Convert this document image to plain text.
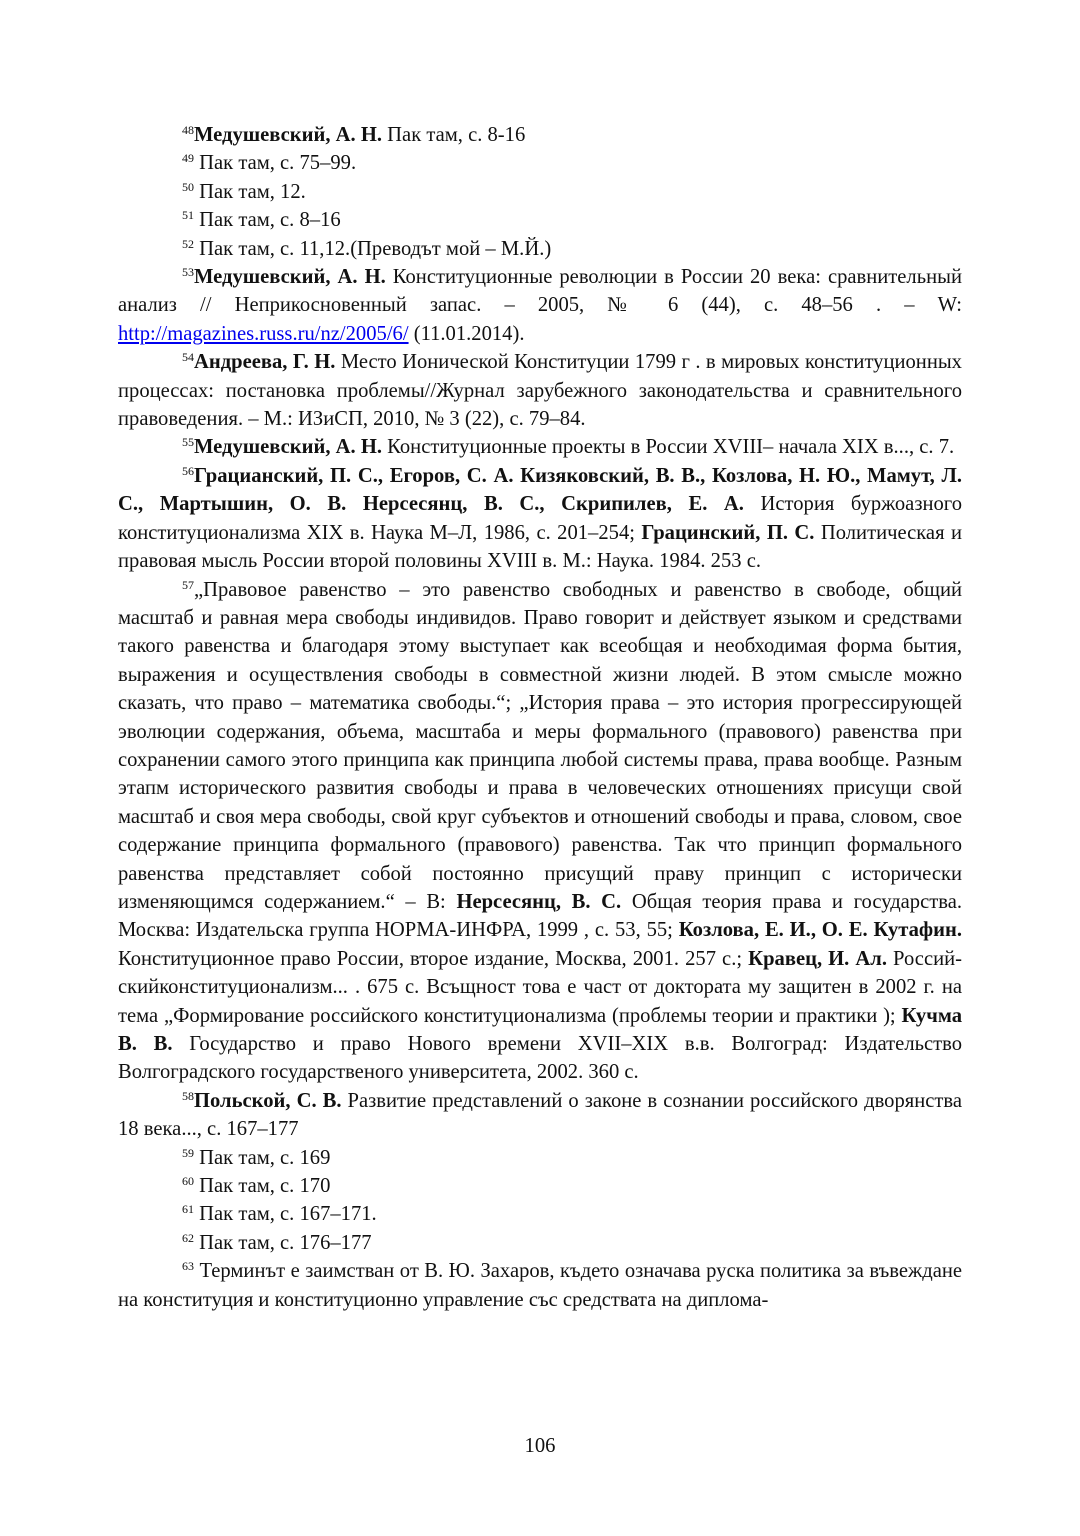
$^{48}$Медушевский, А. Н. Пак там, с. 8-16

$^{49}$ Пак там, с. 75–99.

$^{50}$ Пак там, 12.

$^{51}$ Пак там, с. 8–16

$^{52}$ Пак там, с. 11,12.(Преводът мой – М.Й.)

$^{53}$Медушевский, А. Н. Конституционные революции в России 20 века: сравнительный анализ // Неприкосновенный запас. – 2005, № 6 (44), с. 48–56 . – W: http://magazines.russ.ru/nz/2005/6/ (11.01.2014).

$^{54}$Андреева, Г. Н. Место Ионической Конституции 1799 г . в мировых конституционных процессах: постановка проблемы//Журнал зарубежного законодательства и сравнительного правоведения. – М.: ИЗиСП, 2010, № 3 (22), с. 79–84.

$^{55}$Медушевский, А. Н. Конституционные проекты в России XVIII– начала XIX в..., с. 7.

$^{56}$Грацианский, П. С., Егоров, С. А. Кизяковский, В. В., Козлова, Н. Ю., Мамут, Л. С., Мартышин, О. В. Нерсесянц, В. С., Скрипилев, Е. А. История буржоазного конституционализма XIX в. Наука М–Л, 1986, с. 201–254; Грацинский, П. С. Политическая и правовая мысль России второй половины XVIII в. М.: Наука. 1984. 253 с.

$^{57}$„Правовое равенство – это равенство свободных и равенство в свободе, общий масштаб и равная мера свободы индивидов. Право говорит и действует языком и средствами такого равенства и благодаря этому выступает как всеобщая и необходимая форма бытия, выражения и осуществления свободы в совместной жизни людей. В этом смысле можно сказать, что право – математика свободы.“; „История права – это история прогрессирующей эволюции содержания, объема, масштаба и меры формального (правового) равенства при сохранении самого этого принципа как принципа любой системы права, права вообще. Разным этапм исторического развития свободы и права в человеческих отношениях присущи свой масштаб и своя мера свободы, свой круг субъектов и отношений свободы и права, словом, свое содержание принципа формального (правового) равенства. Так что принцип формального равенства представляет собой постоянно присущий праву принцип с исторически изменяющимся содержанием.“ – В: Нерсесянц, В. С. Общая теория права и государства. Москва: Издательска группа НОРМА-ИНФРА, 1999 , с. 53, 55; Козлова, Е. И., О. Е. Кутафин. Конституционное право России, второе издание, Москва, 2001. 257 с.; Кравец, И. Ал. Российскийконституционализм... . 675 с. Всъщност това е част от доктората му защитен в 2002 г. на тема „Формирование российского конституционализма (проблемы теории и практики ); Кучма В. В. Государство и право Нового времени XVII–XIX в.в. Волгоград: Издательство Волгоградского государственого университета, 2002. 360 с.

$^{58}$Польской, С. В. Развитие представлений о законе в сознании российского дворянства 18 века..., с. 167–177

$^{59}$ Пак там, с. 169

$^{60}$ Пак там, с. 170

$^{61}$ Пак там, с. 167–171.

$^{62}$ Пак там, с. 176–177

$^{63}$ Терминът е заимстван от В. Ю. Захаров, където означава руска политика за въвеждане на конституция и конституционно управление със средствата на диплома-

106
